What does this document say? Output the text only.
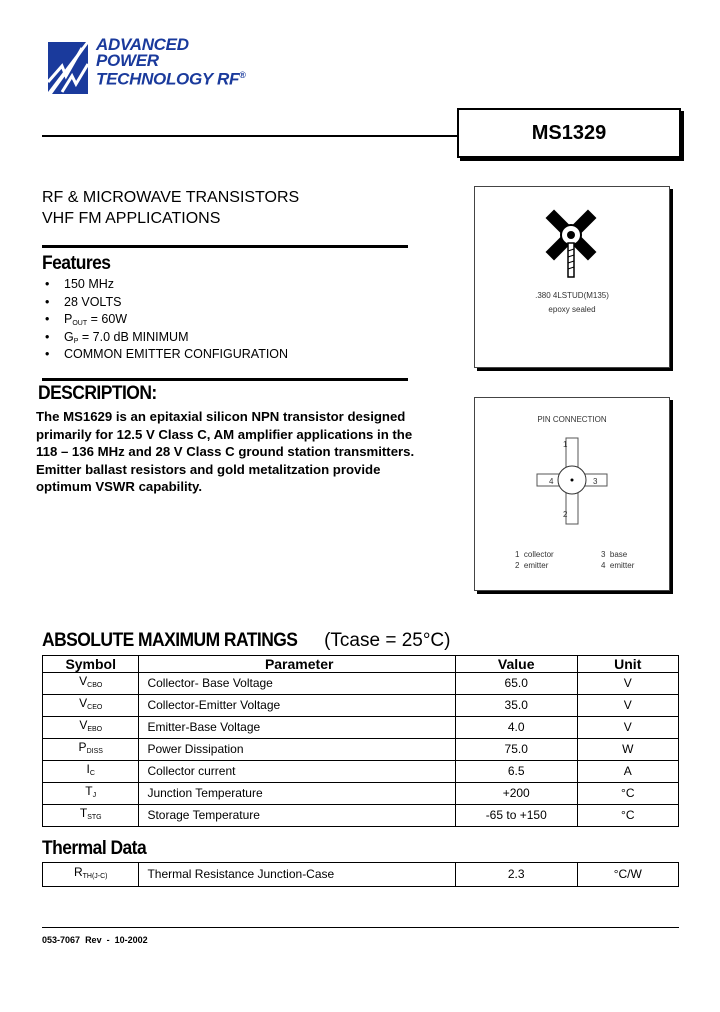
ADVANCED
POWER
TECHNOLOGY RF®
MS1329
RF & MICROWAVE TRANSISTORS
VHF FM APPLICATIONS
Features
• 150 MHz
• 28 VOLTS
• $P_{OUT} = 60W$
• $G_P = 7.0$ dB MINIMUM
• COMMON EMITTER CONFIGURATION
DESCRIPTION:
The MS1629 is an epitaxial silicon NPN transistor designed primarily for 12.5 V Class C, AM amplifier applications in the 118 – 136 MHz and 28 V Class C ground station transmitters. Emitter ballast resistors and gold metalitzation provide optimum VSWR capability.
.380 4LSTUD(M135)
epoxy sealed
PIN CONNECTION
1
2
3
4
1 collector	3 base
2 emitter	4 emitter
ABSOLUTE MAXIMUM RATINGS (Tcase = 25°C)
Symbol	Parameter	Value	Unit
$V_{CBO}$	Collector- Base Voltage	65.0	V
$V_{CEO}$	Collector-Emitter Voltage	35.0	V
$V_{EBO}$	Emitter-Base Voltage	4.0	V
$P_{DISS}$	Power Dissipation	75.0	W
$I_C$	Collector current	6.5	A
$T_J$	Junction Temperature	+200	°C
$T_{STG}$	Storage Temperature	-65 to +150	°C
Thermal Data
$R_{TH(J-C)}$	Thermal Resistance Junction-Case	2.3	°C/W
053-7067 Rev - 10-2002
